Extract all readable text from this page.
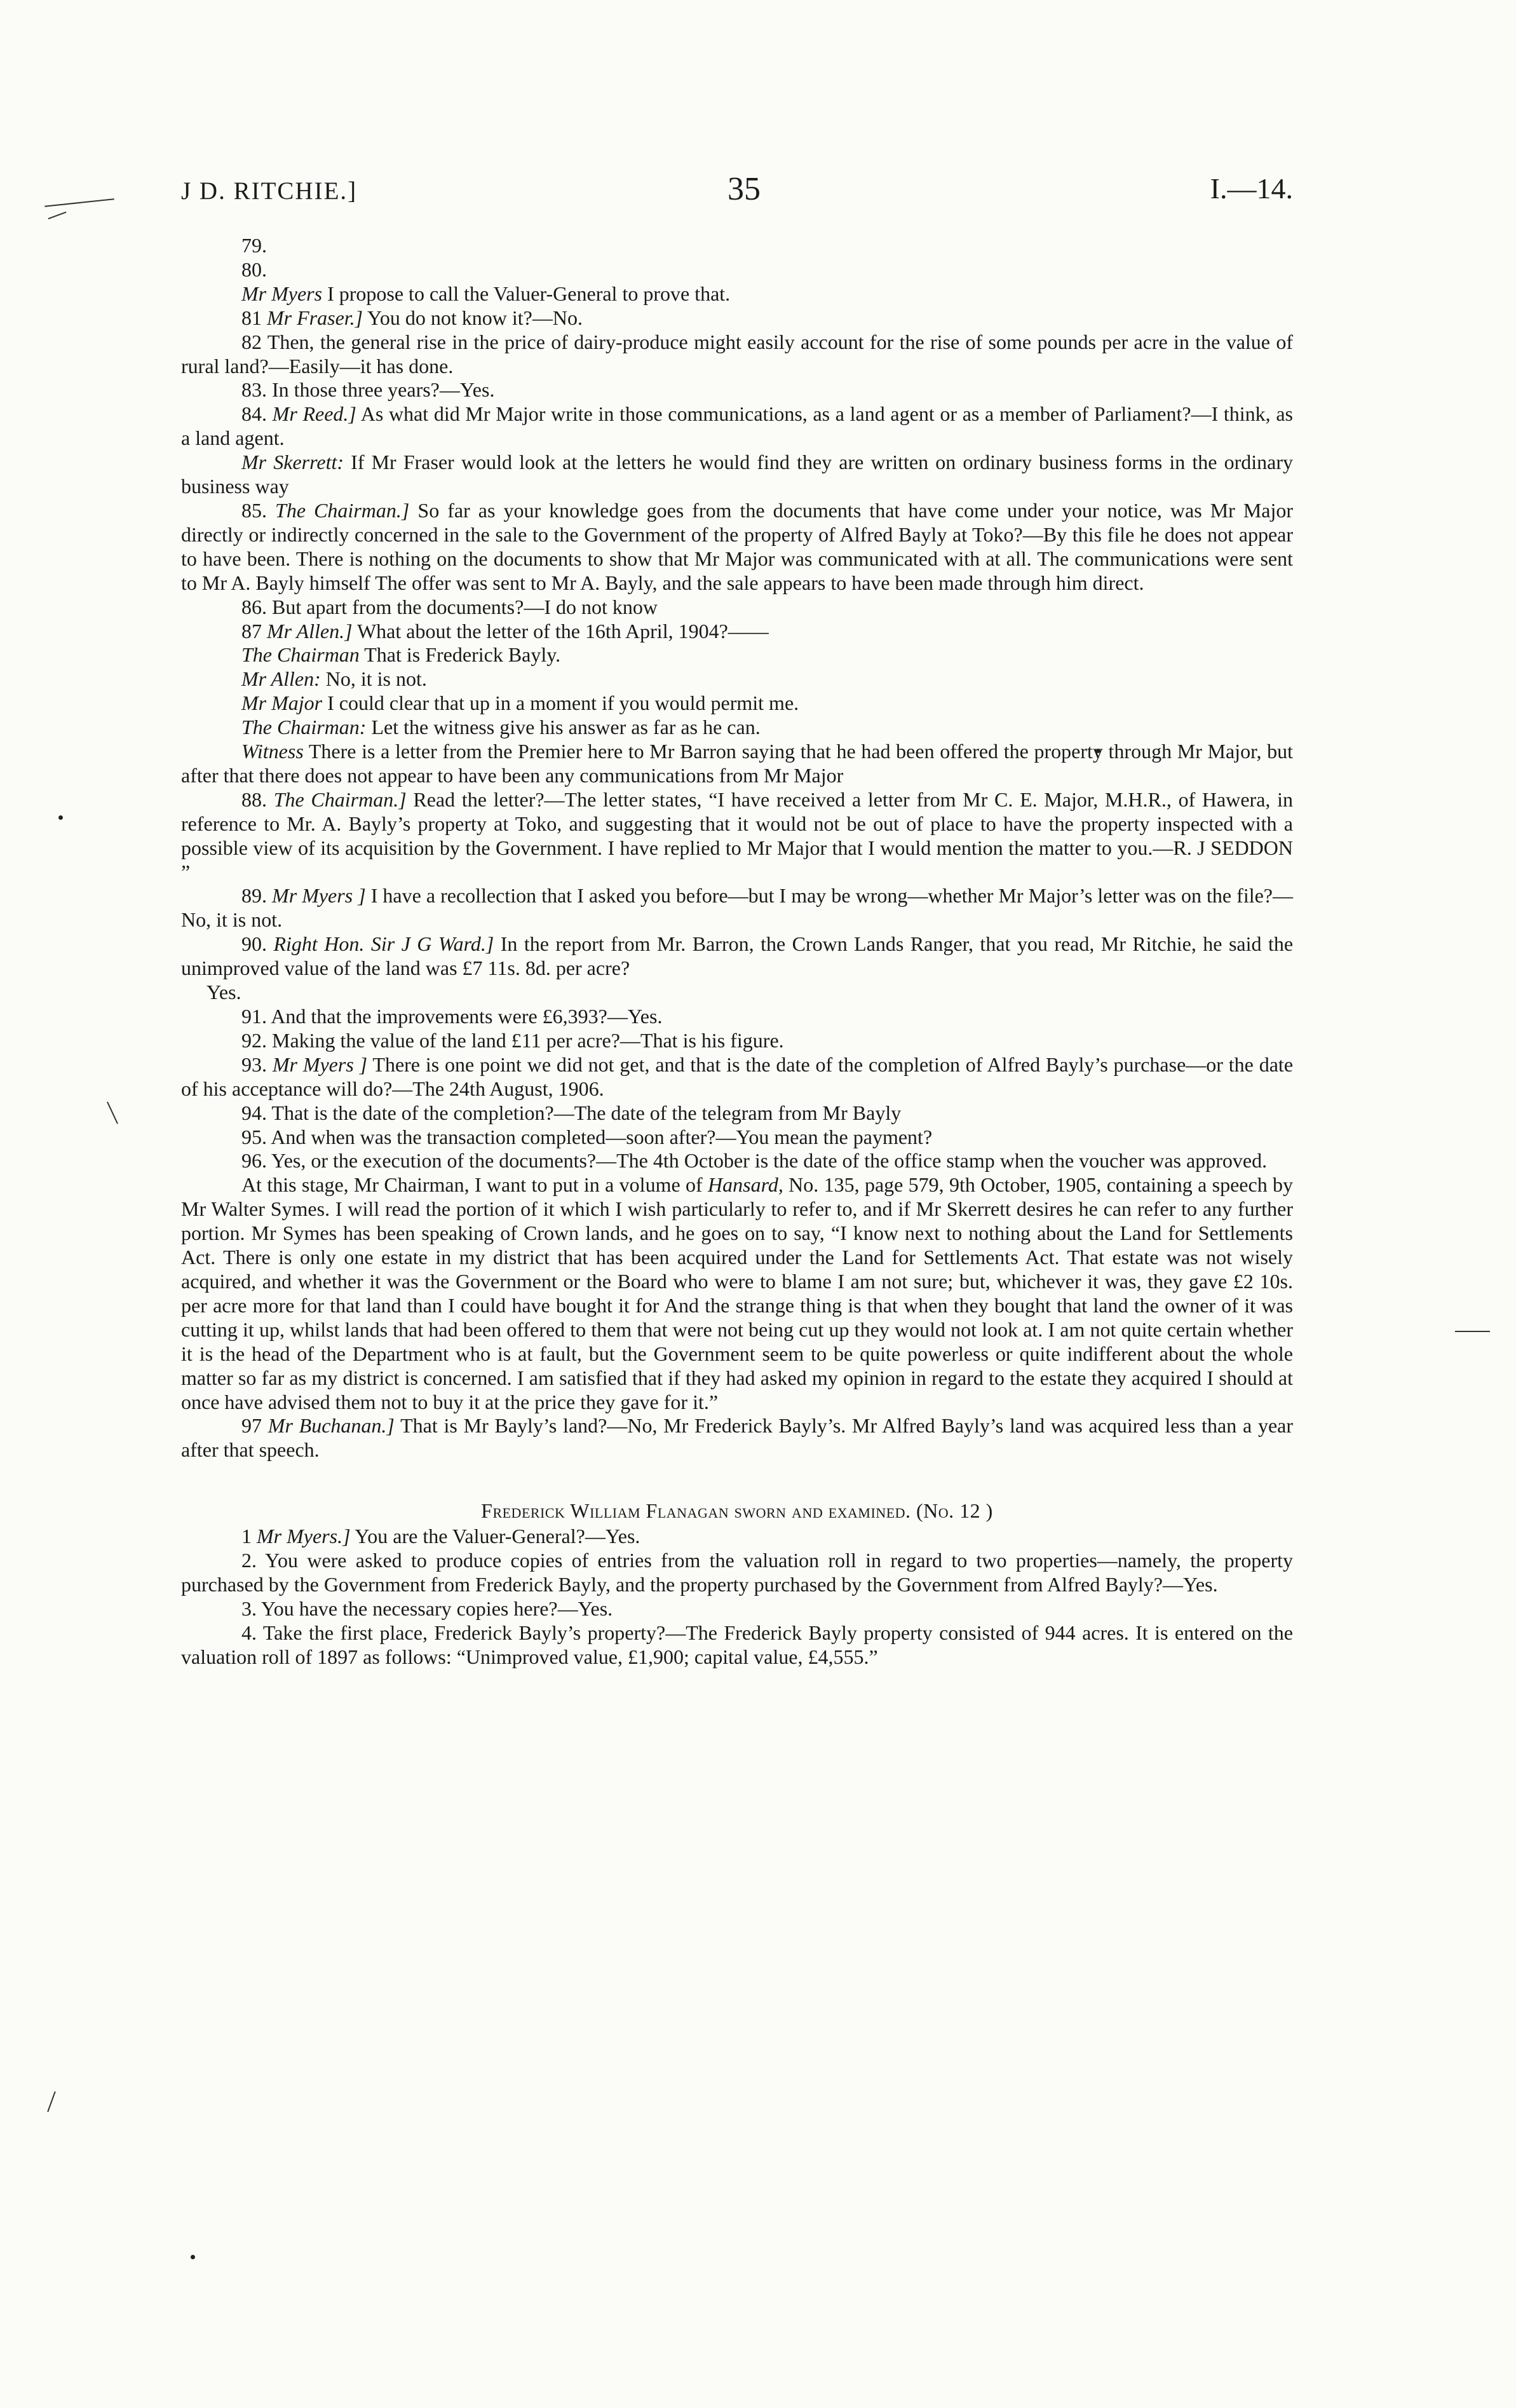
J D. RITCHIE.]	35	I.—14.

79.

80.

Mr Myers I propose to call the Valuer-General to prove that.

81 Mr Fraser.] You do not know it?—No.

82 Then, the general rise in the price of dairy-produce might easily account for the rise of some pounds per acre in the value of rural land?—Easily—it has done.

83. In those three years?—Yes.

84. Mr Reed.] As what did Mr Major write in those communications, as a land agent or as a member of Parliament?—I think, as a land agent.

Mr Skerrett: If Mr Fraser would look at the letters he would find they are written on ordinary business forms in the ordinary business way

85. The Chairman.] So far as your knowledge goes from the documents that have come under your notice, was Mr Major directly or indirectly concerned in the sale to the Government of the property of Alfred Bayly at Toko?—By this file he does not appear to have been. There is nothing on the documents to show that Mr Major was communicated with at all. The communications were sent to Mr A. Bayly himself The offer was sent to Mr A. Bayly, and the sale appears to have been made through him direct.

86. But apart from the documents?—I do not know

87 Mr Allen.] What about the letter of the 16th April, 1904?——

The Chairman That is Frederick Bayly.

Mr Allen: No, it is not.

Mr Major I could clear that up in a moment if you would permit me.

The Chairman: Let the witness give his answer as far as he can.

Witness There is a letter from the Premier here to Mr Barron saying that he had been offered the property through Mr Major, but after that there does not appear to have been any communications from Mr Major

88. The Chairman.] Read the letter?—The letter states, “I have received a letter from Mr C. E. Major, M.H.R., of Hawera, in reference to Mr. A. Bayly’s property at Toko, and suggesting that it would not be out of place to have the property inspected with a possible view of its acquisition by the Government. I have replied to Mr Major that I would mention the matter to you.—R. J SEDDON ”

89. Mr Myers ] I have a recollection that I asked you before—but I may be wrong—whether Mr Major’s letter was on the file?—No, it is not.

90. Right Hon. Sir J G Ward.] In the report from Mr. Barron, the Crown Lands Ranger, that you read, Mr Ritchie, he said the unimproved value of the land was £7 11s. 8d. per acre?

Yes.

91. And that the improvements were £6,393?—Yes.

92. Making the value of the land £11 per acre?—That is his figure.

93. Mr Myers ] There is one point we did not get, and that is the date of the completion of Alfred Bayly’s purchase—or the date of his acceptance will do?—The 24th August, 1906.

94. That is the date of the completion?—The date of the telegram from Mr Bayly

95. And when was the transaction completed—soon after?—You mean the payment?

96. Yes, or the execution of the documents?—The 4th October is the date of the office stamp when the voucher was approved.

At this stage, Mr Chairman, I want to put in a volume of Hansard, No. 135, page 579, 9th October, 1905, containing a speech by Mr Walter Symes. I will read the portion of it which I wish particularly to refer to, and if Mr Skerrett desires he can refer to any further portion. Mr Symes has been speaking of Crown lands, and he goes on to say, “I know next to nothing about the Land for Settlements Act. There is only one estate in my district that has been acquired under the Land for Settlements Act. That estate was not wisely acquired, and whether it was the Government or the Board who were to blame I am not sure; but, whichever it was, they gave £2 10s. per acre more for that land than I could have bought it for And the strange thing is that when they bought that land the owner of it was cutting it up, whilst lands that had been offered to them that were not being cut up they would not look at. I am not quite certain whether it is the head of the Department who is at fault, but the Government seem to be quite powerless or quite indifferent about the whole matter so far as my district is concerned. I am satisfied that if they had asked my opinion in regard to the estate they acquired I should at once have advised them not to buy it at the price they gave for it.”

97 Mr Buchanan.] That is Mr Bayly’s land?—No, Mr Frederick Bayly’s. Mr Alfred Bayly’s land was acquired less than a year after that speech.

Frederick William Flanagan sworn and examined. (No. 12 )

1 Mr Myers.] You are the Valuer-General?—Yes.

2. You were asked to produce copies of entries from the valuation roll in regard to two properties—namely, the property purchased by the Government from Frederick Bayly, and the property purchased by the Government from Alfred Bayly?—Yes.

3. You have the necessary copies here?—Yes.

4. Take the first place, Frederick Bayly’s property?—The Frederick Bayly property consisted of 944 acres. It is entered on the valuation roll of 1897 as follows: “Unimproved value, £1,900; capital value, £4,555.”
